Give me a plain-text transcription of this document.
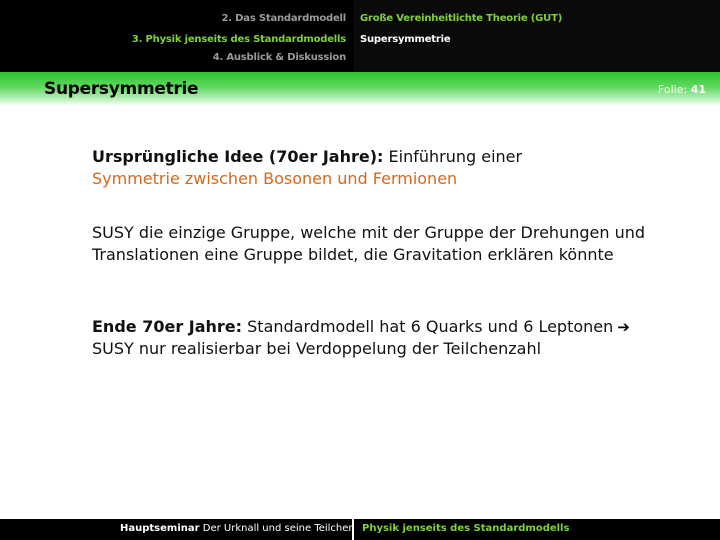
2. Das Standardmodell
3. Physik jenseits des Standardmodells
4. Ausblick & Diskussion
Große Vereinheitlichte Theorie (GUT)
Supersymmetrie
Supersymmetrie	Folie: 41

Ursprüngliche Idee (70er Jahre): Einführung einer Symmetrie zwischen Bosonen und Fermionen

SUSY die einzige Gruppe, welche mit der Gruppe der Drehungen und Translationen eine Gruppe bildet, die Gravitation erklären könnte

Ende 70er Jahre: Standardmodell hat 6 Quarks und 6 Leptonen ➔
SUSY nur realisierbar bei Verdoppelung der Teilchenzahl

Hauptseminar Der Urknall und seine Teilchen Physik jenseits des Standardmodells
